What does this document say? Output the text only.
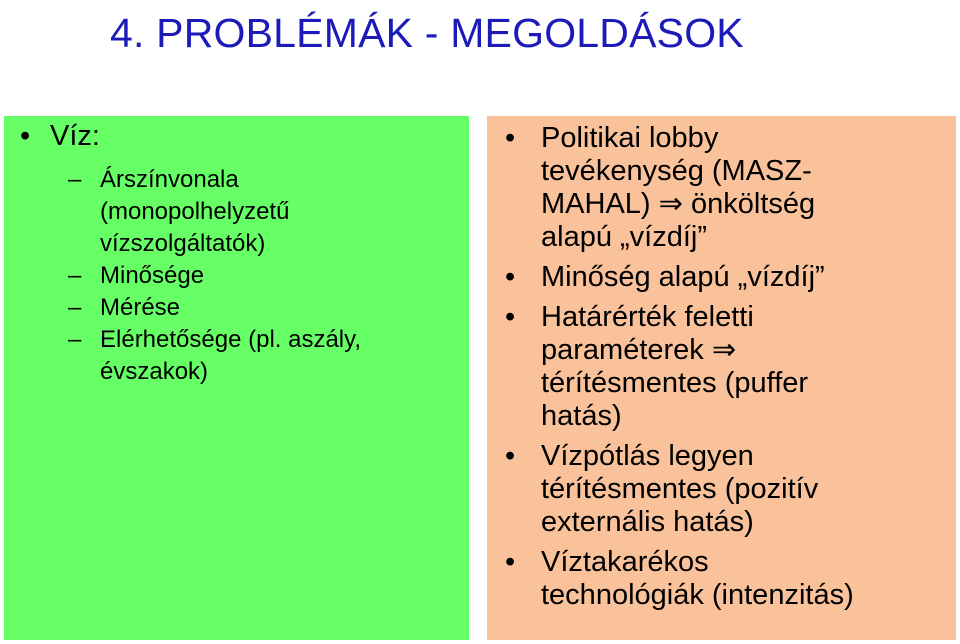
4. PROBLÉMÁK - MEGOLDÁSOK
• Víz:
– Árszínvonala
(monopolhelyzetű
vízszolgáltatók)
– Minősége
– Mérése
– Elérhetősége (pl. aszály,
évszakok)
• Politikai lobby
tevékenység (MASZ-
MAHAL) ⇒ önköltség
alapú „vízdíj”
• Minőség alapú „vízdíj”
• Határérték feletti
paraméterek ⇒
térítésmentes (puffer
hatás)
• Vízpótlás legyen
térítésmentes (pozitív
externális hatás)
• Víztakarékos
technológiák (intenzitás)
